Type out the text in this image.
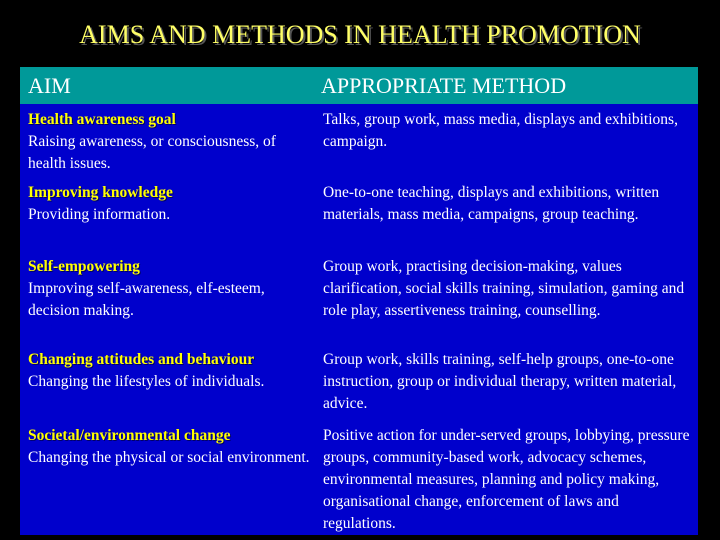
AIMS AND METHODS IN HEALTH PROMOTION
AIM	APPROPRIATE METHOD
Health awareness goal
Raising awareness, or consciousness, of health issues.
Talks, group work, mass media, displays and exhibitions, campaign.
Improving knowledge
Providing information.
One-to-one teaching, displays and exhibitions, written materials, mass media, campaigns, group teaching.
Self-empowering
Improving self-awareness, elf-esteem, decision making.
Group work, practising decision-making, values clarification, social skills training, simulation, gaming and role play, assertiveness training, counselling.
Changing attitudes and behaviour
Changing the lifestyles of individuals.
Group work, skills training, self-help groups, one-to-one instruction, group or individual therapy, written material, advice.
Societal/environmental change
Changing the physical or social environment.
Positive action for under-served groups, lobbying, pressure groups, community-based work, advocacy schemes, environmental measures, planning and policy making, organisational change, enforcement of laws and regulations.
